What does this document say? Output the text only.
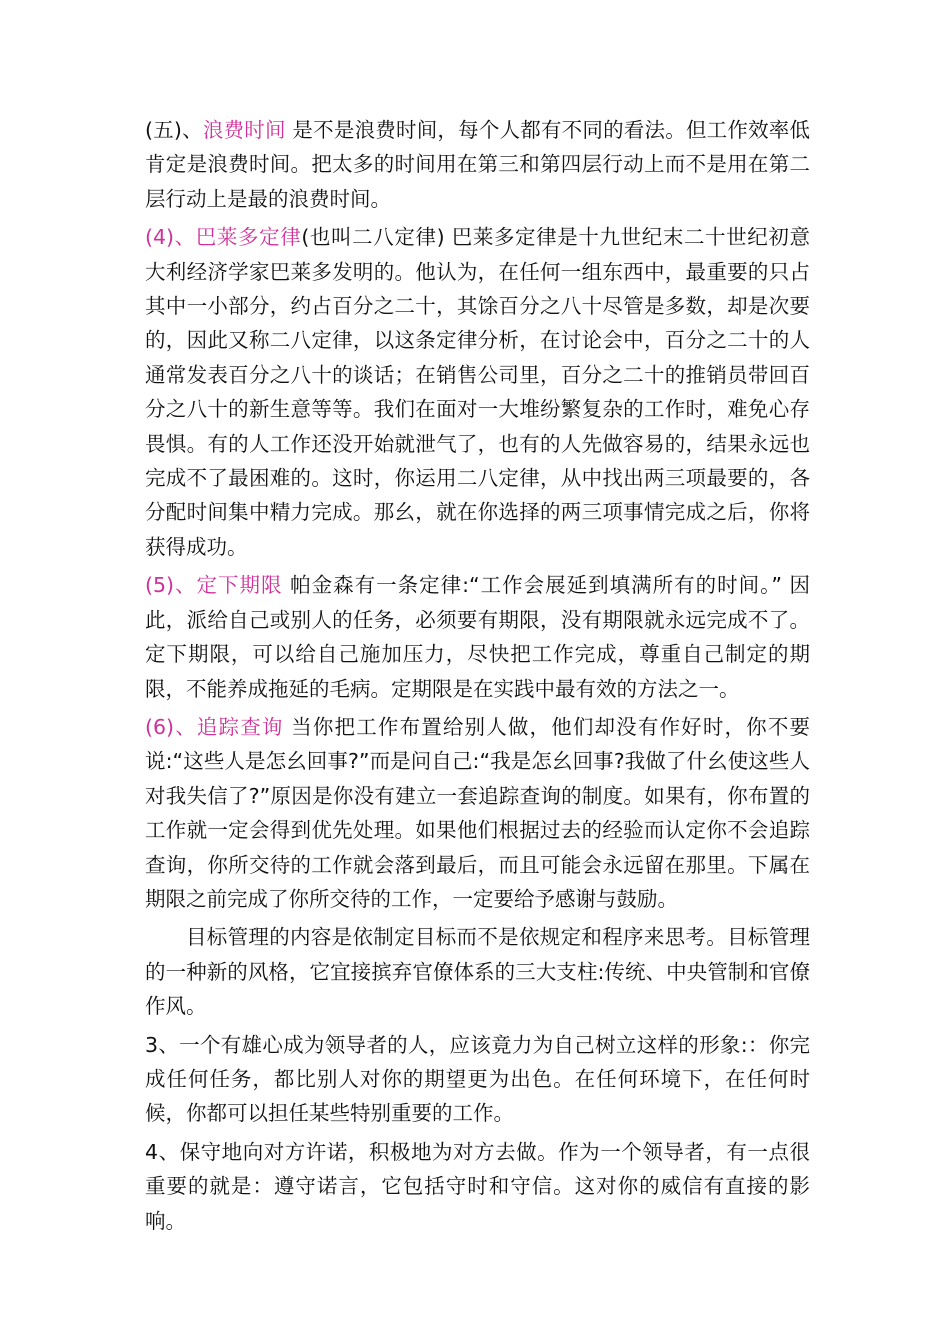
(五)、浪费时间 是不是浪费时间，每个人都有不同的看法。但工作效率低肯定是浪费时间。把太多的时间用在第三和第四层行动上而不是用在第二层行动上是最的浪费时间。

(4)、巴莱多定律(也叫二八定律) 巴莱多定律是十九世纪末二十世纪初意大利经济学家巴莱多发明的。他认为，在任何一组东西中，最重要的只占其中一小部分，约占百分之二十，其馀百分之八十尽管是多数，却是次要的，因此又称二八定律，以这条定律分析，在讨论会中，百分之二十的人通常发表百分之八十的谈话；在销售公司里，百分之二十的推销员带回百分之八十的新生意等等。我们在面对一大堆纷繁复杂的工作时，难免心存畏惧。有的人工作还没开始就泄气了，也有的人先做容易的，结果永远也完成不了最困难的。这时，你运用二八定律，从中找出两三项最要的，各分配时间集中精力完成。那幺，就在你选择的两三项事情完成之后，你将获得成功。

(5)、定下期限 帕金森有一条定律:“工作会展延到填满所有的时间。” 因此，派给自己或别人的任务，必须要有期限，没有期限就永远完成不了。定下期限，可以给自己施加压力，尽快把工作完成，尊重自己制定的期限，不能养成拖延的毛病。定期限是在实践中最有效的方法之一。

(6)、追踪查询 当你把工作布置给别人做，他们却没有作好时，你不要说:“这些人是怎幺回事?”而是问自己:“我是怎幺回事?我做了什幺使这些人对我失信了?”原因是你没有建立一套追踪查询的制度。如果有，你布置的工作就一定会得到优先处理。如果他们根据过去的经验而认定你不会追踪查询，你所交待的工作就会落到最后，而且可能会永远留在那里。下属在期限之前完成了你所交待的工作，一定要给予感谢与鼓励。

目标管理的内容是依制定目标而不是依规定和程序来思考。目标管理的一种新的风格，它宜接摈弃官僚体系的三大支柱:传统、中央管制和官僚作风。

3、一个有雄心成为领导者的人，应该竟力为自己树立这样的形象:：你完成任何任务，都比别人对你的期望更为出色。在任何环境下，在任何时候，你都可以担任某些特别重要的工作。

4、保守地向对方许诺，积极地为对方去做。作为一个领导者，有一点很重要的就是：遵守诺言，它包括守时和守信。这对你的威信有直接的影响。
